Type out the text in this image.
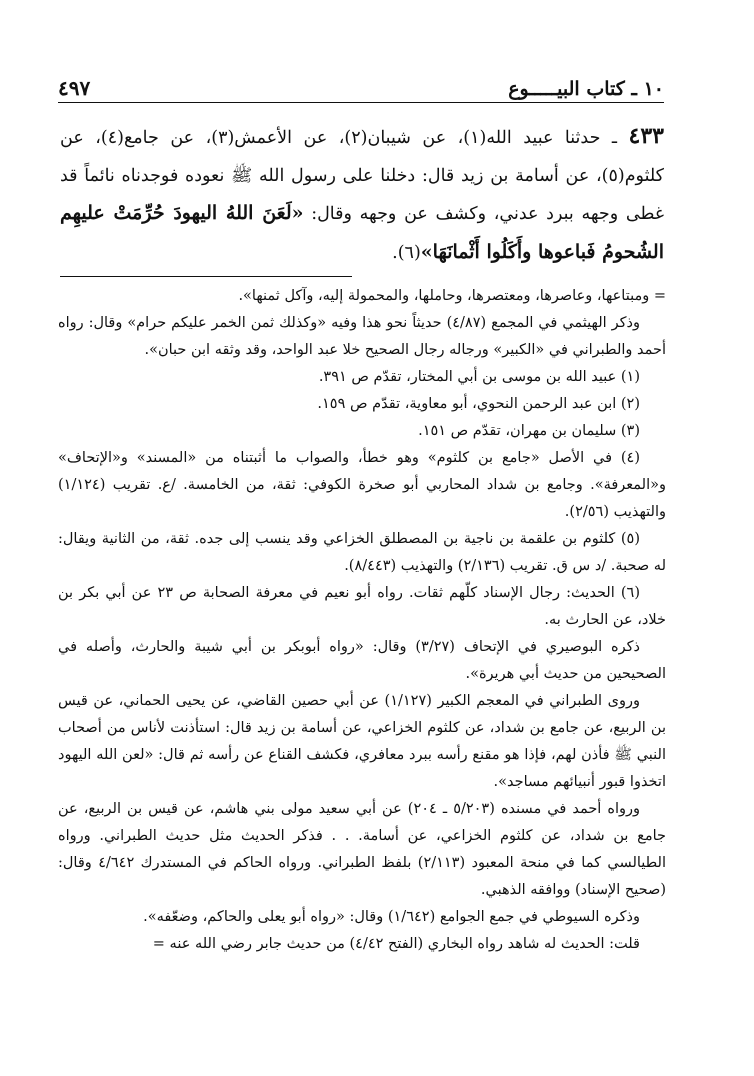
١٠ ـ كتاب البيـــــوع
٤٩٧
٤٣٣ ـ حدثنا عبيد الله(١)، عن شيبان(٢)، عن الأعمش(٣)، عن جامع(٤)، عن كلثوم(٥)، عن أسامة بن زيد قال: دخلنا على رسول الله ﷺ نعوده فوجدناه نائماً قد غطى وجهه ببرد عدني، وكشف عن وجهه وقال: «لَعَنَ اللهُ اليهودَ حُرِّمَتْ عليهِم الشُحومُ فَباعوها وأَكَلُوا أَثْمانَهَا»(٦).

= ومبتاعها، وعاصرها، ومعتصرها، وحاملها، والمحمولة إليه، وآكل ثمنها».

وذكر الهيثمي في المجمع (٤/٨٧) حديثاً نحو هذا وفيه «وكذلك ثمن الخمر عليكم حرام» وقال: رواه أحمد والطبراني في «الكبير» ورجاله رجال الصحيح خلا عبد الواحد، وقد وثقه ابن حبان».

(١) عبيد الله بن موسى بن أبي المختار، تقدّم ص ٣٩١.

(٢) ابن عبد الرحمن النحوي، أبو معاوية، تقدّم ص ١٥٩.

(٣) سليمان بن مهران، تقدّم ص ١٥١.

(٤) في الأصل «جامع بن كلثوم» وهو خطأ، والصواب ما أثبتناه من «المسند» و«الإتحاف» و«المعرفة». وجامع بن شداد المحاربي أبو صخرة الكوفي: ثقة، من الخامسة. /ع. تقريب (١/١٢٤) والتهذيب (٢/٥٦).

(٥) كلثوم بن علقمة بن ناجية بن المصطلق الخزاعي وقد ينسب إلى جده. ثقة، من الثانية ويقال: له صحبة. /د س ق. تقريب (٢/١٣٦) والتهذيب (٨/٤٤٣).

(٦) الحديث: رجال الإسناد كلّهم ثقات. رواه أبو نعيم في معرفة الصحابة ص ٢٣ عن أبي بكر بن خلاد، عن الحارث به.

ذكره البوصيري في الإتحاف (٣/٢٧) وقال: «رواه أبوبكر بن أبي شيبة والحارث، وأصله في الصحيحين من حديث أبي هريرة».

وروى الطبراني في المعجم الكبير (١/١٢٧) عن أبي حصين القاضي، عن يحيى الحماني، عن قيس بن الربيع، عن جامع بن شداد، عن كلثوم الخزاعي، عن أسامة بن زيد قال: استأذنت لأناس من أصحاب النبي ﷺ فأذن لهم، فإذا هو مقنع رأسه ببرد معافري، فكشف القناع عن رأسه ثم قال: «لعن الله اليهود اتخذوا قبور أنبيائهم مساجد».

ورواه أحمد في مسنده (٥/٢٠٣ ـ ٢٠٤) عن أبي سعيد مولى بني هاشم، عن قيس بن الربيع، عن جامع بن شداد، عن كلثوم الخزاعي، عن أسامة. . . فذكر الحديث مثل حديث الطبراني. ورواه الطيالسي كما في منحة المعبود (٢/١١٣) بلفظ الطبراني. ورواه الحاكم في المستدرك ٤/٦٤٢ وقال: (صحيح الإسناد) ووافقه الذهبي.

وذكره السيوطي في جمع الجوامع (١/٦٤٢) وقال: «رواه أبو يعلى والحاكم، وضعّفه».

قلت: الحديث له شاهد رواه البخاري (الفتح ٤/٤٢) من حديث جابر رضي الله عنه =
